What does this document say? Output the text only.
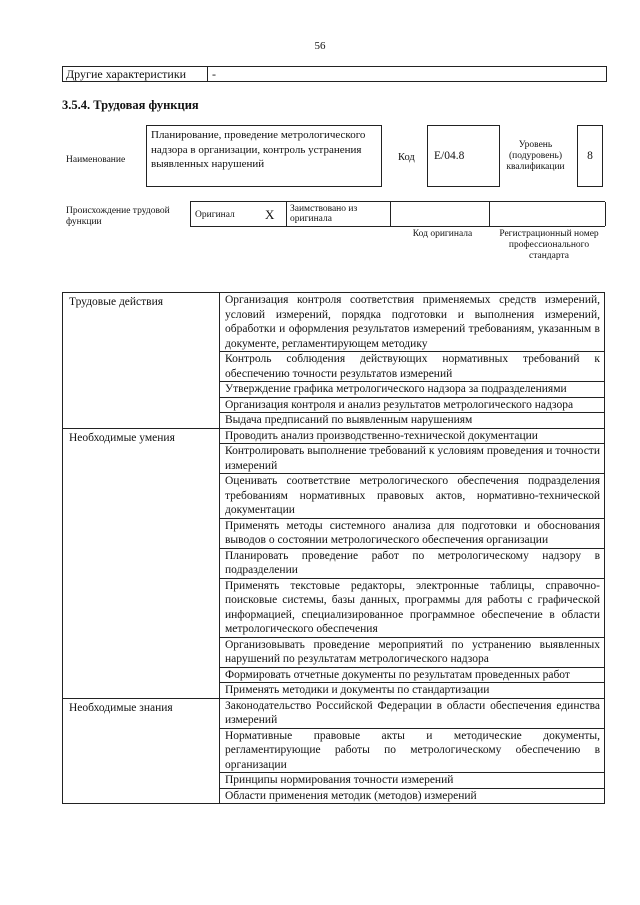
56
Другие характеристики	-
3.5.4. Трудовая функция
Наименование
Планирование, проведение метрологического надзора в организации, контроль устранения выявленных нарушений
Код	E/04.8
Уровень (подуровень) квалификации
8
Происхождение трудовой функции
Оригинал X	Заимствовано из оригинала
Код оригинала	Регистрационный номер профессионального стандарта
Трудовые действия	Организация контроля соответствия применяемых средств измерений, условий измерений, порядка подготовки и выполнения измерений, обработки и оформления результатов измерений требованиям, указанным в документе, регламентирующем методику
	Контроль соблюдения действующих нормативных требований к обеспечению точности результатов измерений
	Утверждение графика метрологического надзора за подразделениями
	Организация контроля и анализ результатов метрологического надзора
	Выдача предписаний по выявленным нарушениям
Необходимые умения	Проводить анализ производственно-технической документации
	Контролировать выполнение требований к условиям проведения и точности измерений
	Оценивать соответствие метрологического обеспечения подразделения требованиям нормативных правовых актов, нормативно-технической документации
	Применять методы системного анализа для подготовки и обоснования выводов о состоянии метрологического обеспечения организации
	Планировать проведение работ по метрологическому надзору в подразделении
	Применять текстовые редакторы, электронные таблицы, справочно-поисковые системы, базы данных, программы для работы с графической информацией, специализированное программное обеспечение в области метрологического обеспечения
	Организовывать проведение мероприятий по устранению выявленных нарушений по результатам метрологического надзора
	Формировать отчетные документы по результатам проведенных работ
	Применять методики и документы по стандартизации
Необходимые знания	Законодательство Российской Федерации в области обеспечения единства измерений
	Нормативные правовые акты и методические документы, регламентирующие работы по метрологическому обеспечению в организации
	Принципы нормирования точности измерений
	Области применения методик (методов) измерений
